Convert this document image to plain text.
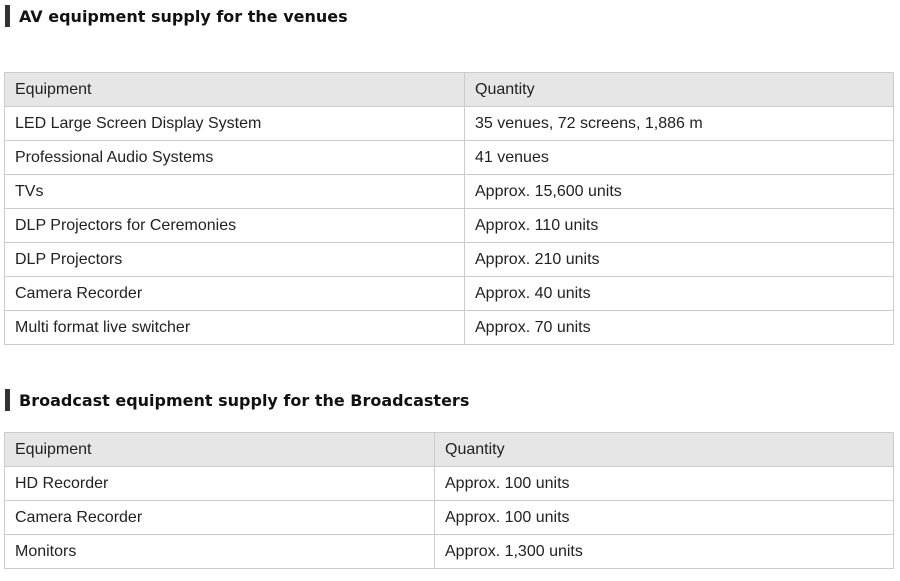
AV equipment supply for the venues
Equipment	Quantity
LED Large Screen Display System	35 venues, 72 screens, 1,886 m
Professional Audio Systems	41 venues
TVs	Approx. 15,600 units
DLP Projectors for Ceremonies	Approx. 110 units
DLP Projectors	Approx. 210 units
Camera Recorder	Approx. 40 units
Multi format live switcher	Approx. 70 units
Broadcast equipment supply for the Broadcasters
Equipment	Quantity
HD Recorder	Approx. 100 units
Camera Recorder	Approx. 100 units
Monitors	Approx. 1,300 units
